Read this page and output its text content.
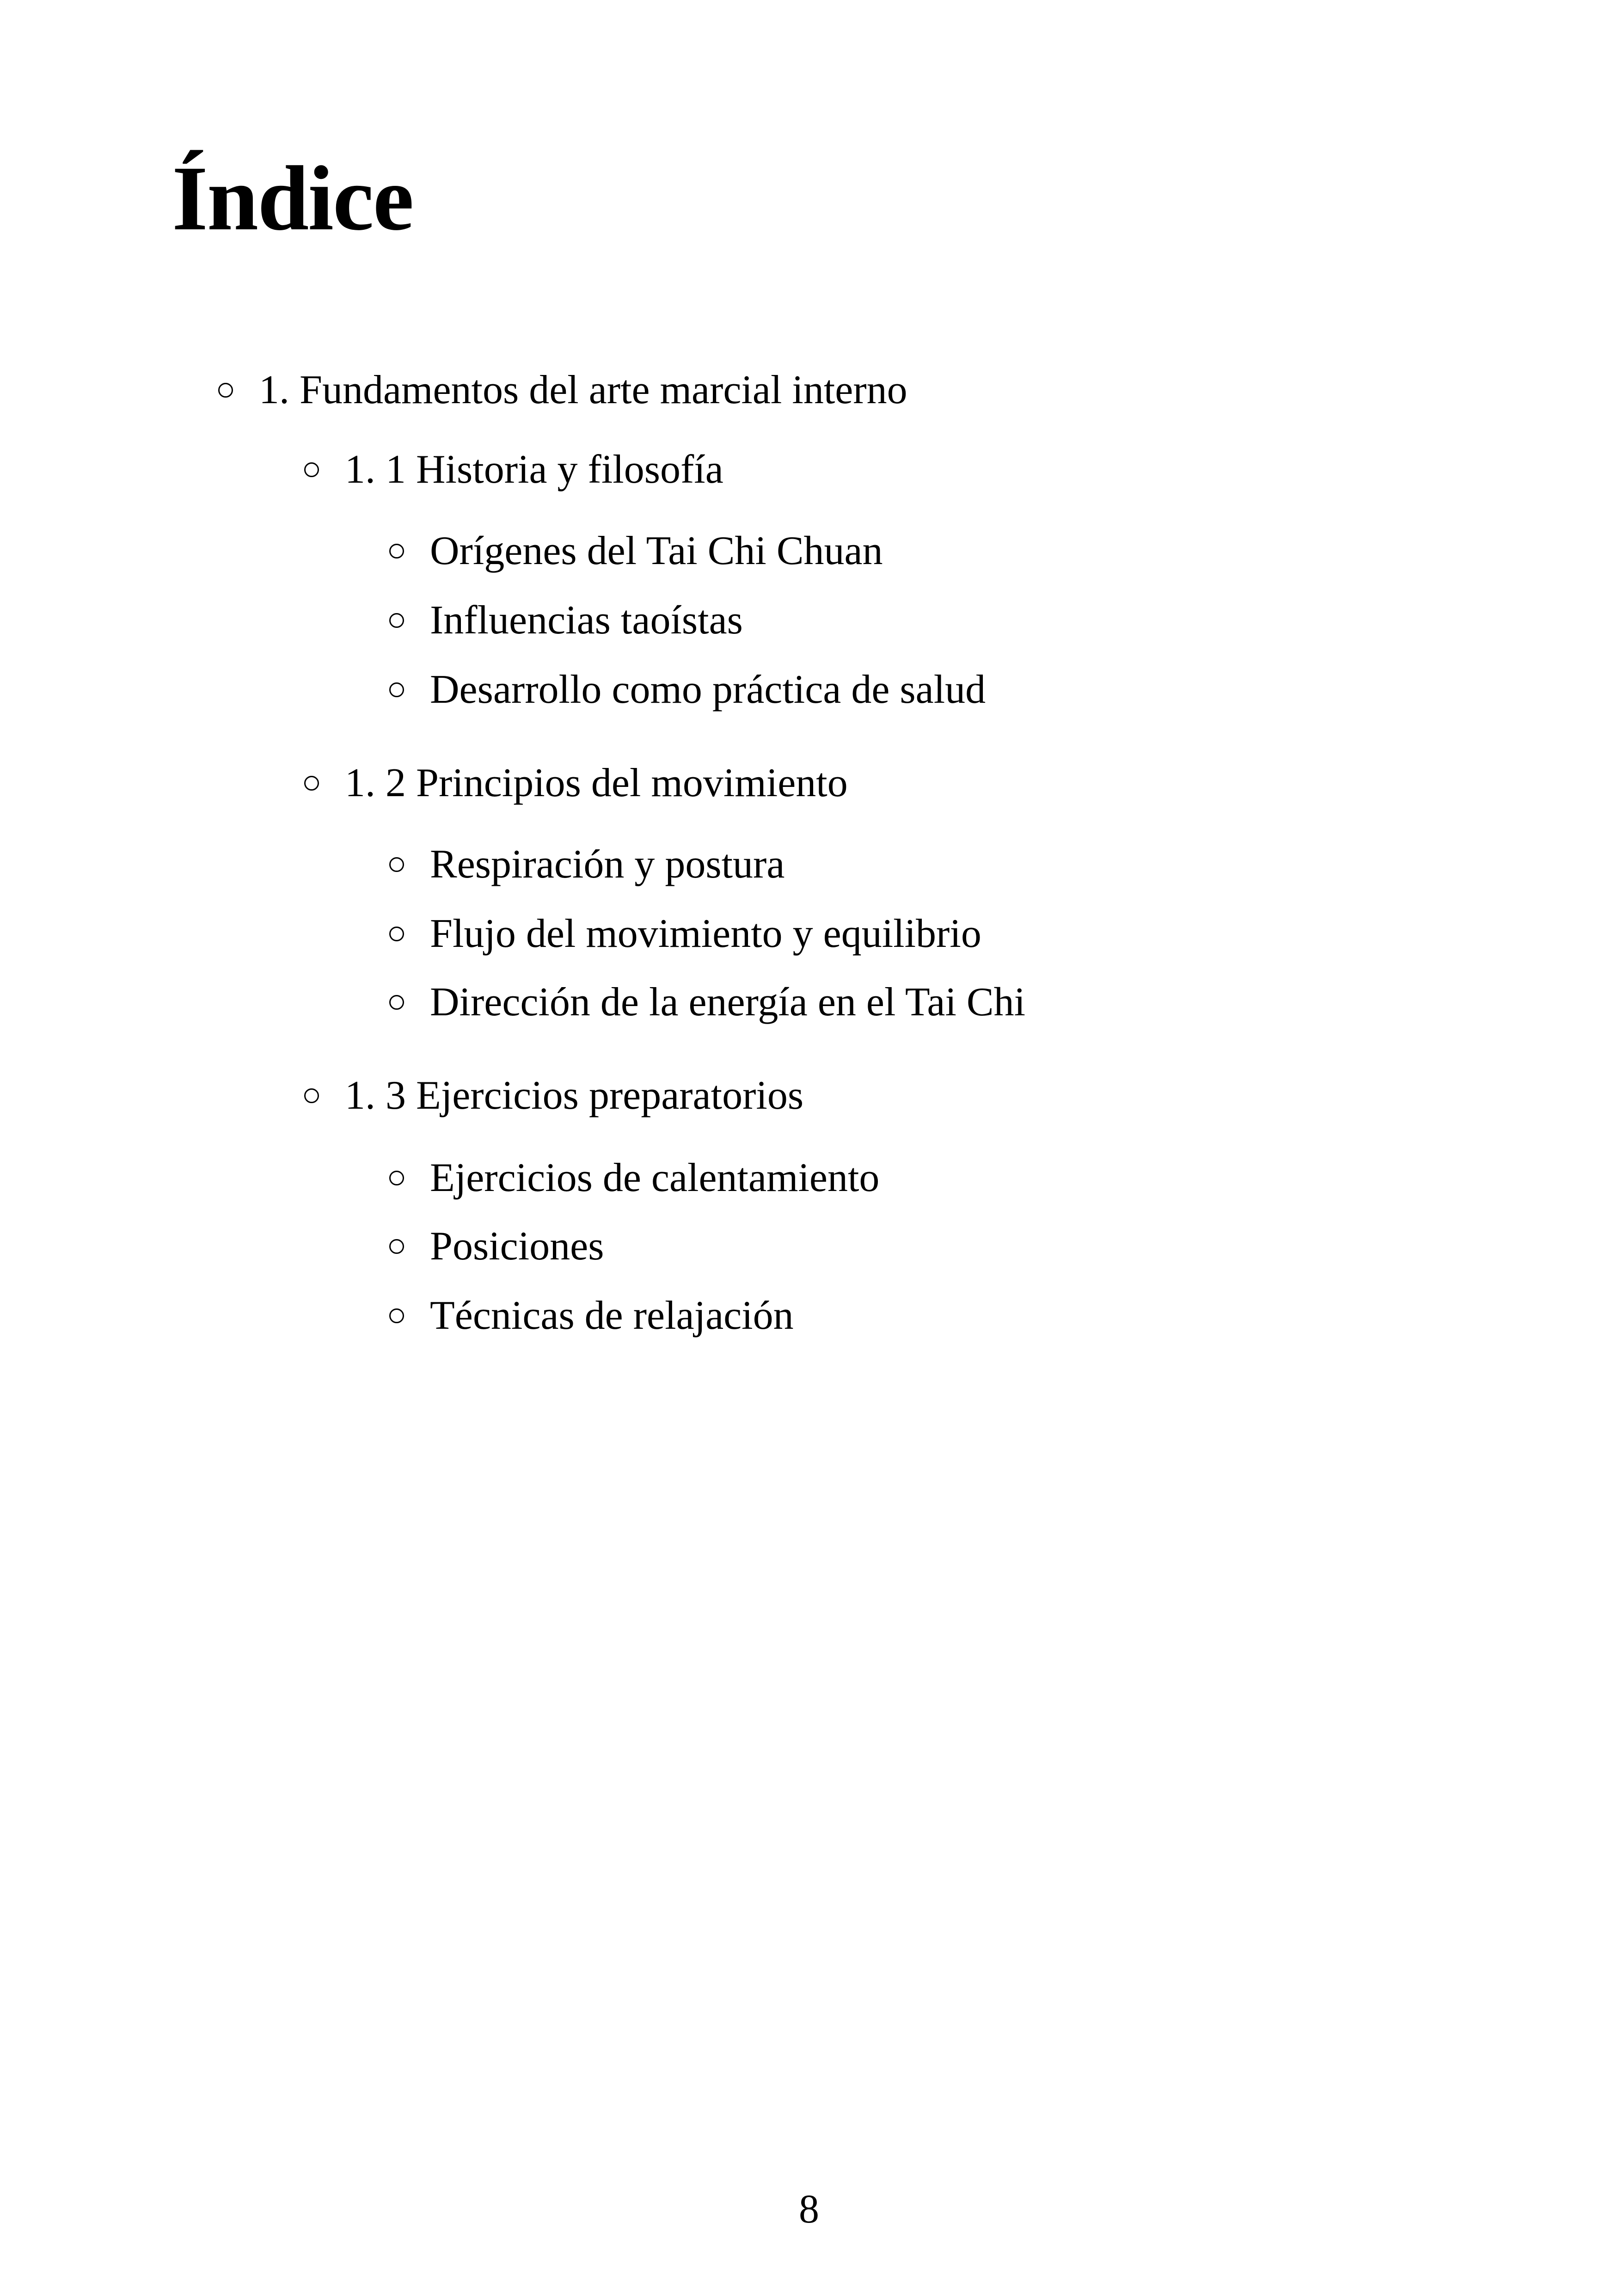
Índice
1. Fundamentos del arte marcial interno
1. 1 Historia y filosofía
Orígenes del Tai Chi Chuan
Influencias taoístas
Desarrollo como práctica de salud
1. 2 Principios del movimiento
Respiración y postura
Flujo del movimiento y equilibrio
Dirección de la energía en el Tai Chi
1. 3 Ejercicios preparatorios
Ejercicios de calentamiento
Posiciones
Técnicas de relajación
8
